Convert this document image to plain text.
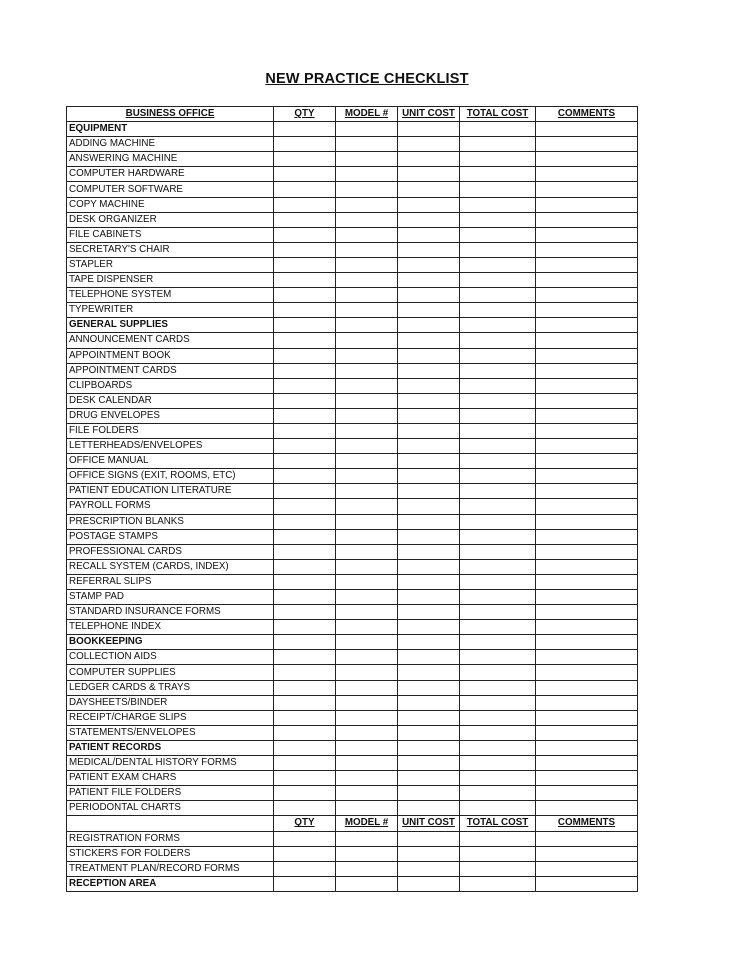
NEW PRACTICE CHECKLIST
BUSINESS OFFICE	QTY	MODEL #	UNIT COST	TOTAL COST	COMMENTS
EQUIPMENT					
ADDING MACHINE					
ANSWERING MACHINE					
COMPUTER HARDWARE					
COMPUTER SOFTWARE					
COPY MACHINE					
DESK ORGANIZER					
FILE CABINETS					
SECRETARY'S CHAIR					
STAPLER					
TAPE DISPENSER					
TELEPHONE SYSTEM					
TYPEWRITER					
GENERAL SUPPLIES					
ANNOUNCEMENT CARDS					
APPOINTMENT BOOK					
APPOINTMENT CARDS					
CLIPBOARDS					
DESK CALENDAR					
DRUG ENVELOPES					
FILE FOLDERS					
LETTERHEADS/ENVELOPES					
OFFICE MANUAL					
OFFICE SIGNS (EXIT, ROOMS, ETC)					
PATIENT EDUCATION LITERATURE					
PAYROLL FORMS					
PRESCRIPTION BLANKS					
POSTAGE STAMPS					
PROFESSIONAL CARDS					
RECALL SYSTEM (CARDS, INDEX)					
REFERRAL SLIPS					
STAMP PAD					
STANDARD INSURANCE FORMS					
TELEPHONE INDEX					
BOOKKEEPING					
COLLECTION AIDS					
COMPUTER SUPPLIES					
LEDGER CARDS & TRAYS					
DAYSHEETS/BINDER					
RECEIPT/CHARGE SLIPS					
STATEMENTS/ENVELOPES					
PATIENT RECORDS					
MEDICAL/DENTAL HISTORY FORMS					
PATIENT EXAM CHARS					
PATIENT FILE FOLDERS					
PERIODONTAL CHARTS					
	QTY	MODEL #	UNIT COST	TOTAL COST	COMMENTS
REGISTRATION FORMS					
STICKERS FOR FOLDERS					
TREATMENT PLAN/RECORD FORMS					
RECEPTION AREA					
